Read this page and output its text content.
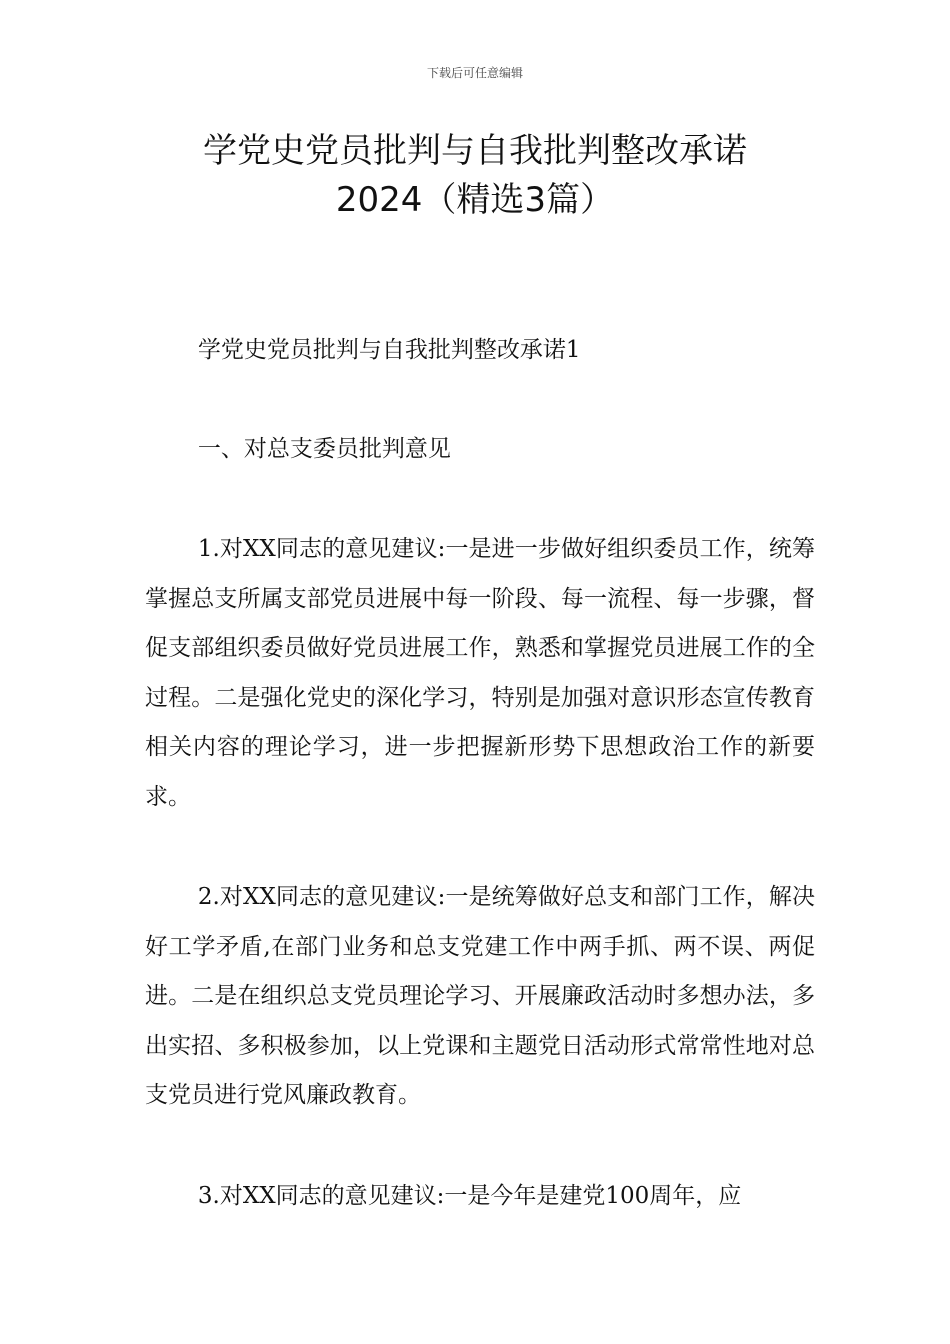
下载后可任意编辑
学党史党员批判与自我批判整改承诺
2024（精选3篇）

学党史党员批判与自我批判整改承诺1

一、对总支委员批判意见

1.对XX同志的意见建议:一是进一步做好组织委员工作，统筹掌握总支所属支部党员进展中每一阶段、每一流程、每一步骤，督促支部组织委员做好党员进展工作，熟悉和掌握党员进展工作的全过程。二是强化党史的深化学习，特别是加强对意识形态宣传教育相关内容的理论学习，进一步把握新形势下思想政治工作的新要求。

2.对XX同志的意见建议:一是统筹做好总支和部门工作，解决好工学矛盾,在部门业务和总支党建工作中两手抓、两不误、两促进。二是在组织总支党员理论学习、开展廉政活动时多想办法，多出实招、多积极参加，以上党课和主题党日活动形式常常性地对总支党员进行党风廉政教育。

3.对XX同志的意见建议:一是今年是建党100周年，应
